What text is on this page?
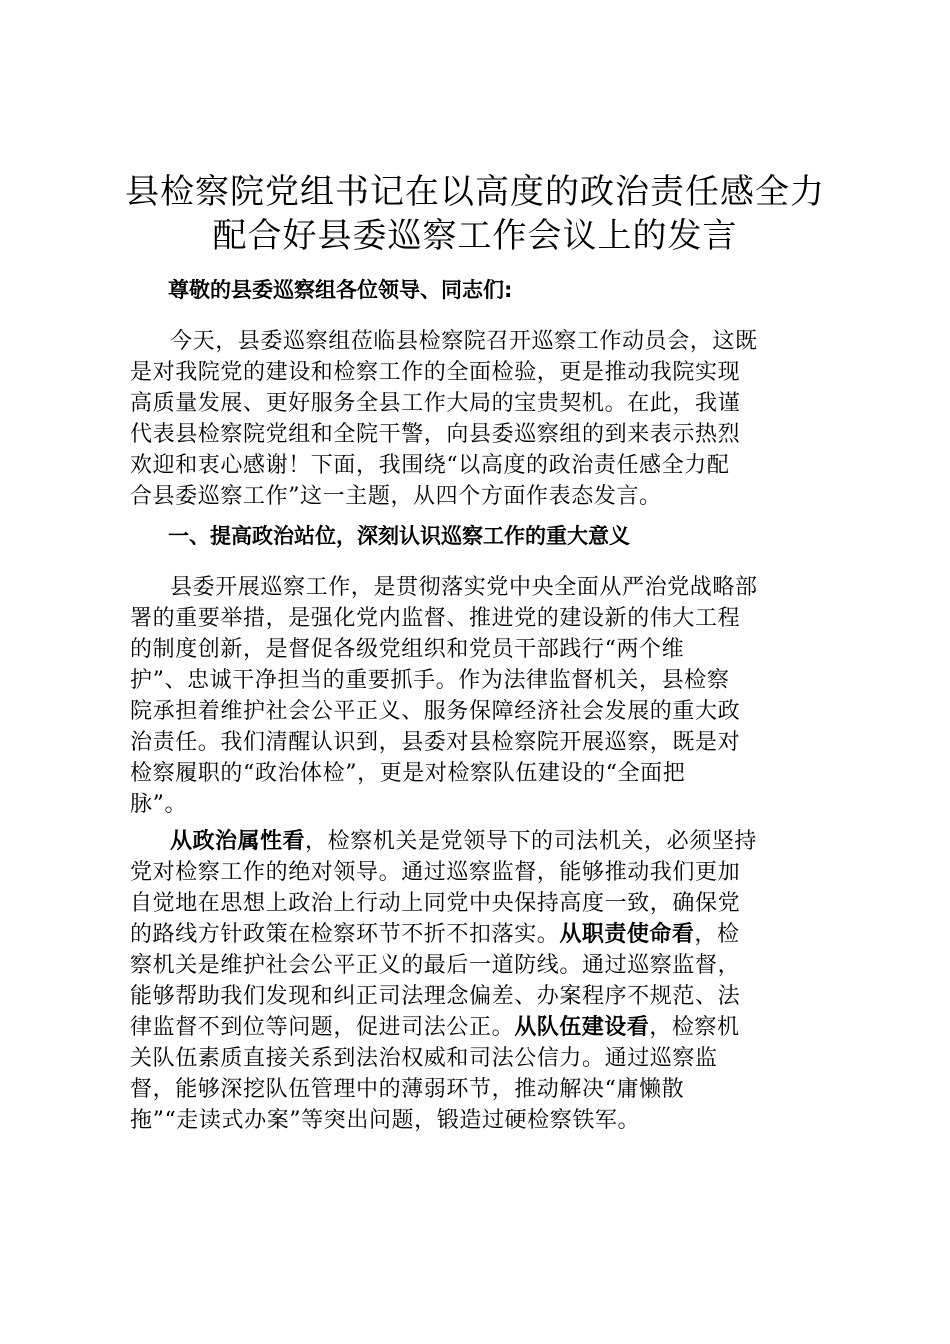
县检察院党组书记在以高度的政治责任感全力
配合好县委巡察工作会议上的发言

尊敬的县委巡察组各位领导、同志们:

今天，县委巡察组莅临县检察院召开巡察工作动员会，这既
是对我院党的建设和检察工作的全面检验，更是推动我院实现
高质量发展、更好服务全县工作大局的宝贵契机。在此，我谨
代表县检察院党组和全院干警，向县委巡察组的到来表示热烈
欢迎和衷心感谢！下面，我围绕“以高度的政治责任感全力配
合县委巡察工作”这一主题，从四个方面作表态发言。

一、提高政治站位，深刻认识巡察工作的重大意义

县委开展巡察工作，是贯彻落实党中央全面从严治党战略部
署的重要举措，是强化党内监督、推进党的建设新的伟大工程
的制度创新，是督促各级党组织和党员干部践行“两个维
护”、忠诚干净担当的重要抓手。作为法律监督机关，县检察
院承担着维护社会公平正义、服务保障经济社会发展的重大政
治责任。我们清醒认识到，县委对县检察院开展巡察，既是对
检察履职的“政治体检”，更是对检察队伍建设的“全面把
脉”。
从政治属性看，检察机关是党领导下的司法机关，必须坚持
党对检察工作的绝对领导。通过巡察监督，能够推动我们更加
自觉地在思想上政治上行动上同党中央保持高度一致，确保党
的路线方针政策在检察环节不折不扣落实。从职责使命看，检
察机关是维护社会公平正义的最后一道防线。通过巡察监督，
能够帮助我们发现和纠正司法理念偏差、办案程序不规范、法
律监督不到位等问题，促进司法公正。从队伍建设看，检察机
关队伍素质直接关系到法治权威和司法公信力。通过巡察监
督，能够深挖队伍管理中的薄弱环节，推动解决“庸懒散
拖”“走读式办案”等突出问题，锻造过硬检察铁军。
